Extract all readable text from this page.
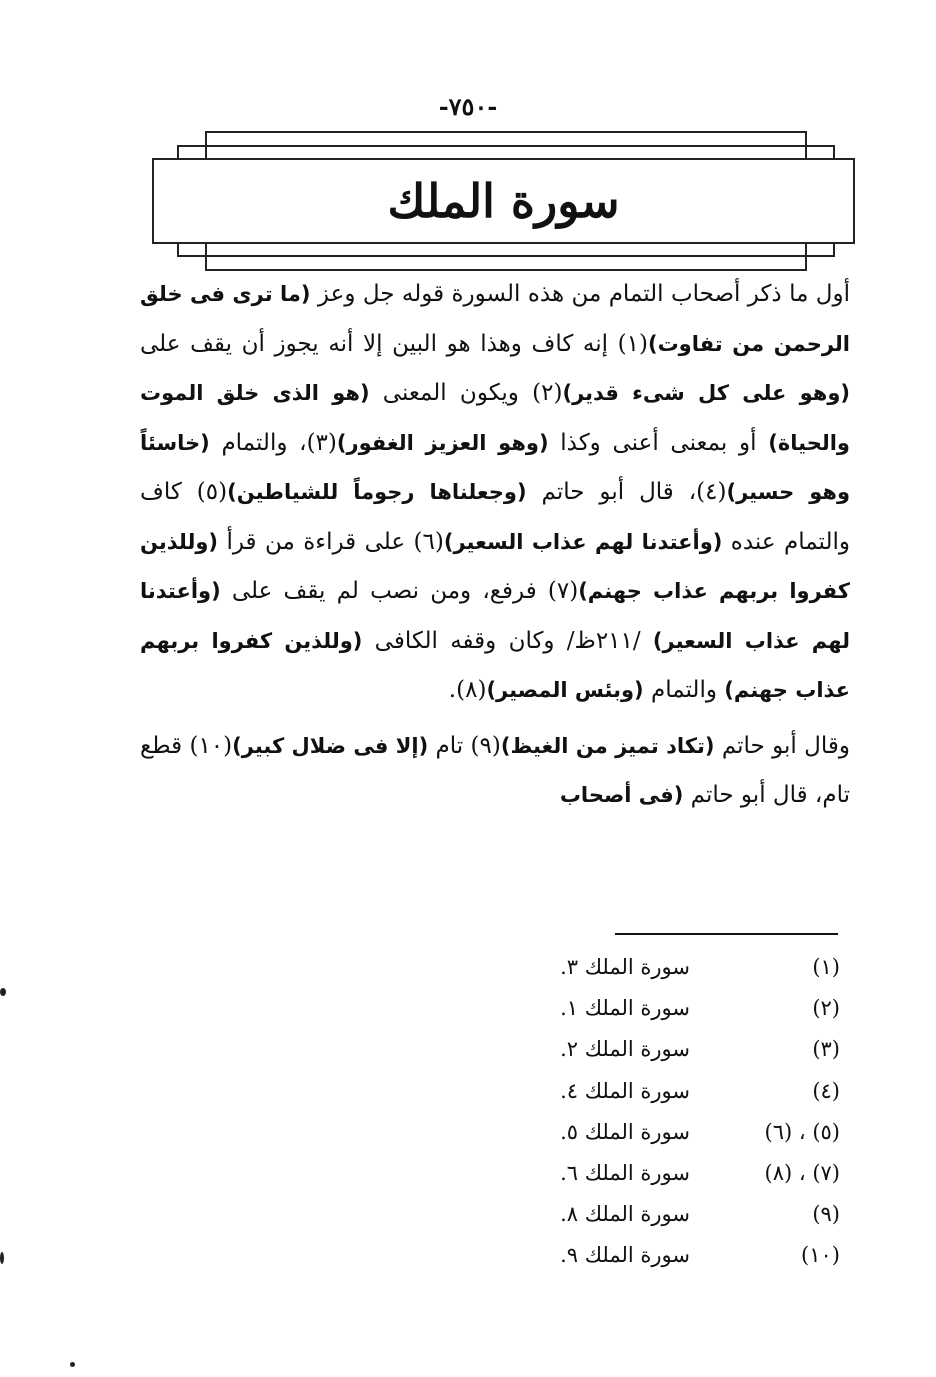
-٧٥٠-
سورة الملك

أول ما ذكر أصحاب التمام من هذه السورة قوله جل وعز (ما ترى فى خلق الرحمن من تفاوت)(١) إنه كاف وهذا هو البين إلا أنه يجوز أن يقف على (وهو على كل شىء قدير)(٢) ويكون المعنى (هو الذى خلق الموت والحياة) أو بمعنى أعنى وكذا (وهو العزيز الغفور)(٣)، والتمام (خاسئاً وهو حسير)(٤)، قال أبو حاتم (وجعلناها رجوماً للشياطين)(٥) كاف والتمام عنده (وأعتدنا لهم عذاب السعير)(٦) على قراءة من قرأ (وللذين كفروا بربهم عذاب جهنم)(٧) فرفع، ومن نصب لم يقف على (وأعتدنا لهم عذاب السعير) /٢١١ظ/ وكان وقفه الكافى (وللذين كفروا بربهم عذاب جهنم) والتمام (وبئس المصير)(٨).

وقال أبو حاتم (تكاد تميز من الغيظ)(٩) تام (إلا فى ضلال كبير)(١٠) قطع تام، قال أبو حاتم (فى أصحاب

(١)
سورة الملك ٣.
(٢)
سورة الملك ١.
(٣)
سورة الملك ٢.
(٤)
سورة الملك ٤.
(٥) ، (٦)
سورة الملك ٥.
(٧) ، (٨)
سورة الملك ٦.
(٩)
سورة الملك ٨.
(١٠)
سورة الملك ٩.
